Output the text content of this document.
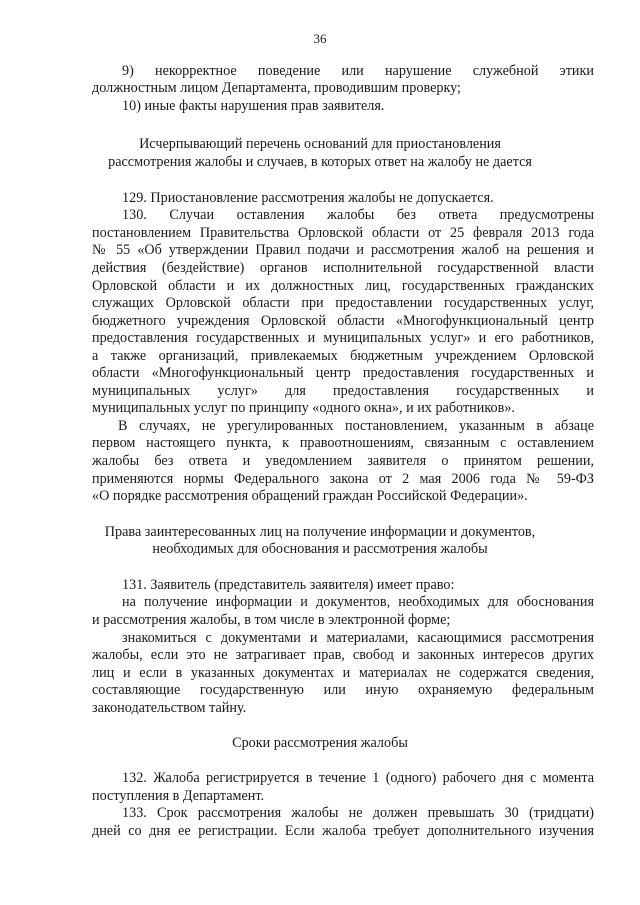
36
9) некорректное поведение или нарушение служебной этики
должностным лицом Департамента, проводившим проверку;
10) иные факты нарушения прав заявителя.
Исчерпывающий перечень оснований для приостановления
рассмотрения жалобы и случаев, в которых ответ на жалобу не дается
129. Приостановление рассмотрения жалобы не допускается.
130. Случаи оставления жалобы без ответа предусмотрены
постановлением Правительства Орловской области от 25 февраля 2013 года
№ 55 «Об утверждении Правил подачи и рассмотрения жалоб на решения и
действия (бездействие) органов исполнительной государственной власти
Орловской области и их должностных лиц, государственных гражданских
служащих Орловской области при предоставлении государственных услуг,
бюджетного учреждения Орловской области «Многофункциональный центр
предоставления государственных и муниципальных услуг» и его работников,
а также организаций, привлекаемых бюджетным учреждением Орловской
области «Многофункциональный центр предоставления государственных и
муниципальных услуг» для предоставления государственных и
муниципальных услуг по принципу «одного окна», и их работников».
В случаях, не урегулированных постановлением, указанным в абзаце
первом настоящего пункта, к правоотношениям, связанным с оставлением
жалобы без ответа и уведомлением заявителя о принятом решении,
применяются нормы Федерального закона от 2 мая 2006 года № 59-ФЗ
«О порядке рассмотрения обращений граждан Российской Федерации».
Права заинтересованных лиц на получение информации и документов,
необходимых для обоснования и рассмотрения жалобы
131. Заявитель (представитель заявителя) имеет право:
на получение информации и документов, необходимых для обоснования
и рассмотрения жалобы, в том числе в электронной форме;
знакомиться с документами и материалами, касающимися рассмотрения
жалобы, если это не затрагивает прав, свобод и законных интересов других
лиц и если в указанных документах и материалах не содержатся сведения,
составляющие государственную или иную охраняемую федеральным
законодательством тайну.
Сроки рассмотрения жалобы
132. Жалоба регистрируется в течение 1 (одного) рабочего дня с момента
поступления в Департамент.
133. Срок рассмотрения жалобы не должен превышать 30 (тридцати)
дней со дня ее регистрации. Если жалоба требует дополнительного изучения
